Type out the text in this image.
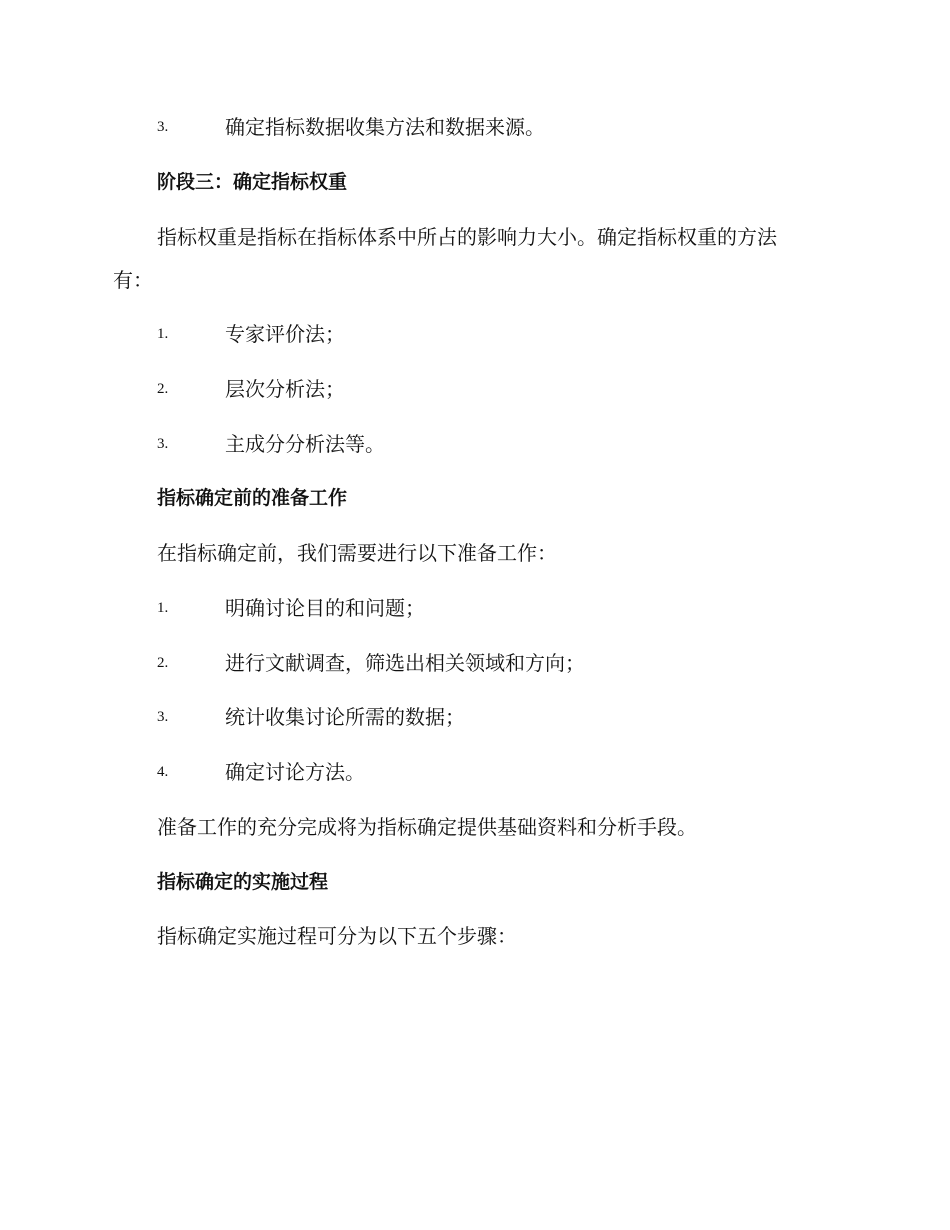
3.	确定指标数据收集方法和数据来源。
阶段三：确定指标权重
指标权重是指标在指标体系中所占的影响力大小。确定指标权重的方法
有：
1.	专家评价法；
2.	层次分析法；
3.	主成分分析法等。
指标确定前的准备工作
在指标确定前，我们需要进行以下准备工作：
1.	明确讨论目的和问题；
2.	进行文献调查，筛选出相关领域和方向；
3.	统计收集讨论所需的数据；
4.	确定讨论方法。
准备工作的充分完成将为指标确定提供基础资料和分析手段。
指标确定的实施过程
指标确定实施过程可分为以下五个步骤：
